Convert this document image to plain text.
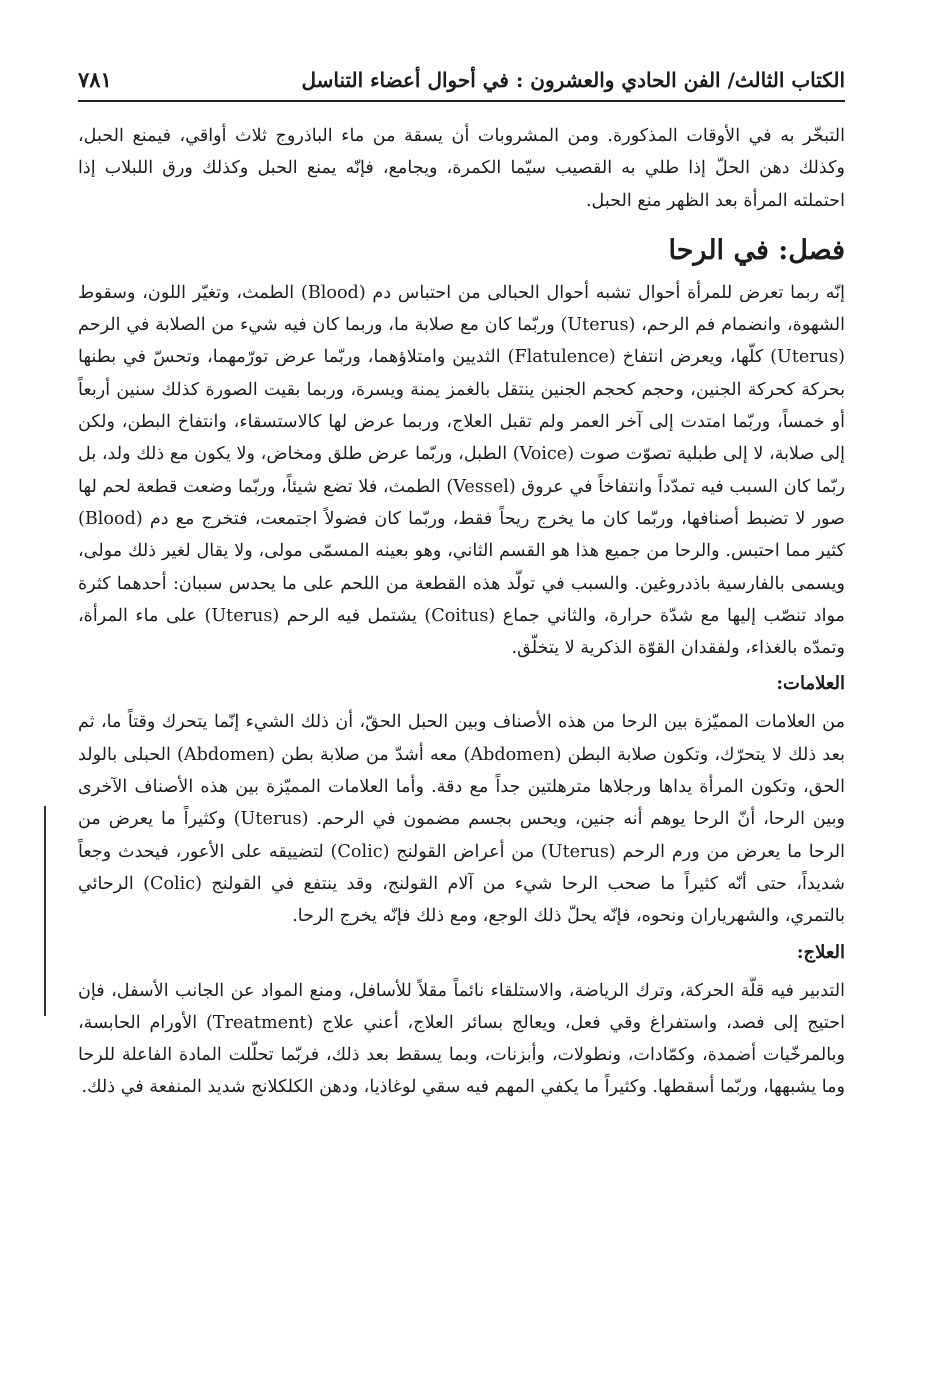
الكتاب الثالث/ الفن الحادي والعشرون : في أحوال أعضاء التناسل
٧٨١

التبخّر به في الأوقات المذكورة. ومن المشروبات أن يسقة من ماء الباذروج ثلاث أواقي، فيمنع الحبل، وكذلك دهن الحلّ إذا طلي به القصيب سيّما الكمرة، ويجامع، فإنّه يمنع الحبل وكذلك ورق اللبلاب إذا احتملته المرأة بعد الظهر منع الحبل.

فصل: في الرحا

إنّه ربما تعرض للمرأة أحوال تشبه أحوال الحبالى من احتباس دم (Blood) الطمث، وتغيّر اللون، وسقوط الشهوة، وانضمام فم الرحم، (Uterus) وربّما كان مع صلابة ما، وربما كان فيه شيء من الصلابة في الرحم (Uterus) كلّها، ويعرض انتفاخ (Flatulence) الثديين وامتلاؤهما، وربّما عرض تورّمهما، وتحسّ في بطنها بحركة كحركة الجنين، وحجم كحجم الجنين ينتقل بالغمز يمنة ويسرة، وربما بقيت الصورة كذلك سنين أربعاً أو خمساً، وربّما امتدت إلى آخر العمر ولم تقبل العلاج، وربما عرض لها كالاستسقاء، وانتفاخ البطن، ولكن إلى صلابة، لا إلى طبلية تصوّت صوت (Voice) الطبل، وربّما عرض طلق ومخاض، ولا يكون مع ذلك ولد، بل ربّما كان السبب فيه تمدّداً وانتفاخاً في عروق (Vessel) الطمث، فلا تضع شيئاً، وربّما وضعت قطعة لحم لها صور لا تضبط أصنافها، وربّما كان ما يخرج ريحاً فقط، وربّما كان فضولاً اجتمعت، فتخرج مع دم (Blood) كثير مما احتبس. والرحا من جميع هذا هو القسم الثاني، وهو بعينه المسمّى مولى، ولا يقال لغير ذلك مولى، ويسمى بالفارسية باذدروغين. والسبب في تولّد هذه القطعة من اللحم على ما يحدس سببان: أحدهما كثرة مواد تنصّب إليها مع شدّة حرارة، والثاني جماع (Coitus) يشتمل فيه الرحم (Uterus) على ماء المرأة، وتمدّه بالغذاء، ولفقدان القوّة الذكرية لا يتخلّق.

العلامات:

من العلامات المميّزة بين الرحا من هذه الأصناف وبين الحبل الحقّ، أن ذلك الشيء إنّما يتحرك وقتاً ما، ثم بعد ذلك لا يتحرّك، وتكون صلابة البطن (Abdomen) معه أشدّ من صلابة بطن (Abdomen) الحبلى بالولد الحق، وتكون المرأة يداها ورجلاها مترهلتين جداً مع دقة. وأما العلامات المميّزة بين هذه الأصناف الآخرى وبين الرحا، أنّ الرحا يوهم أنه جنين، ويحس بجسم مضمون في الرحم. (Uterus) وكثيراً ما يعرض من الرحا ما يعرض من ورم الرحم (Uterus) من أعراض القولنج (Colic) لتضييقه على الأعور، فيحدث وجعاً شديداً، حتى أنّه كثيراً ما صحب الرحا شيء من آلام القولنج، وقد ينتفع في القولنج (Colic) الرحائي بالتمري، والشهرياران ونحوه، فإنّه يحلّ ذلك الوجع، ومع ذلك فإنّه يخرج الرحا.

العلاج:

التدبير فيه قلّة الحركة، وترك الرياضة، والاستلقاء نائماً مقلاً للأسافل، ومنع المواد عن الجانب الأسفل، فإن احتيج إلى فصد، واستفراغ وقي فعل، ويعالج بسائر العلاج، أعني علاج (Treatment) الأورام الحابسة، وبالمرخّيات أضمدة، وكمّادات، ونطولات، وأبزنات، وبما يسقط بعد ذلك، فربّما تحلّلت المادة الفاعلة للرحا وما يشبهها، وربّما أسقطها. وكثيراً ما يكفي المهم فيه سقي لوغاذيا، ودهن الكلكلانج شديد المنفعة في ذلك.
